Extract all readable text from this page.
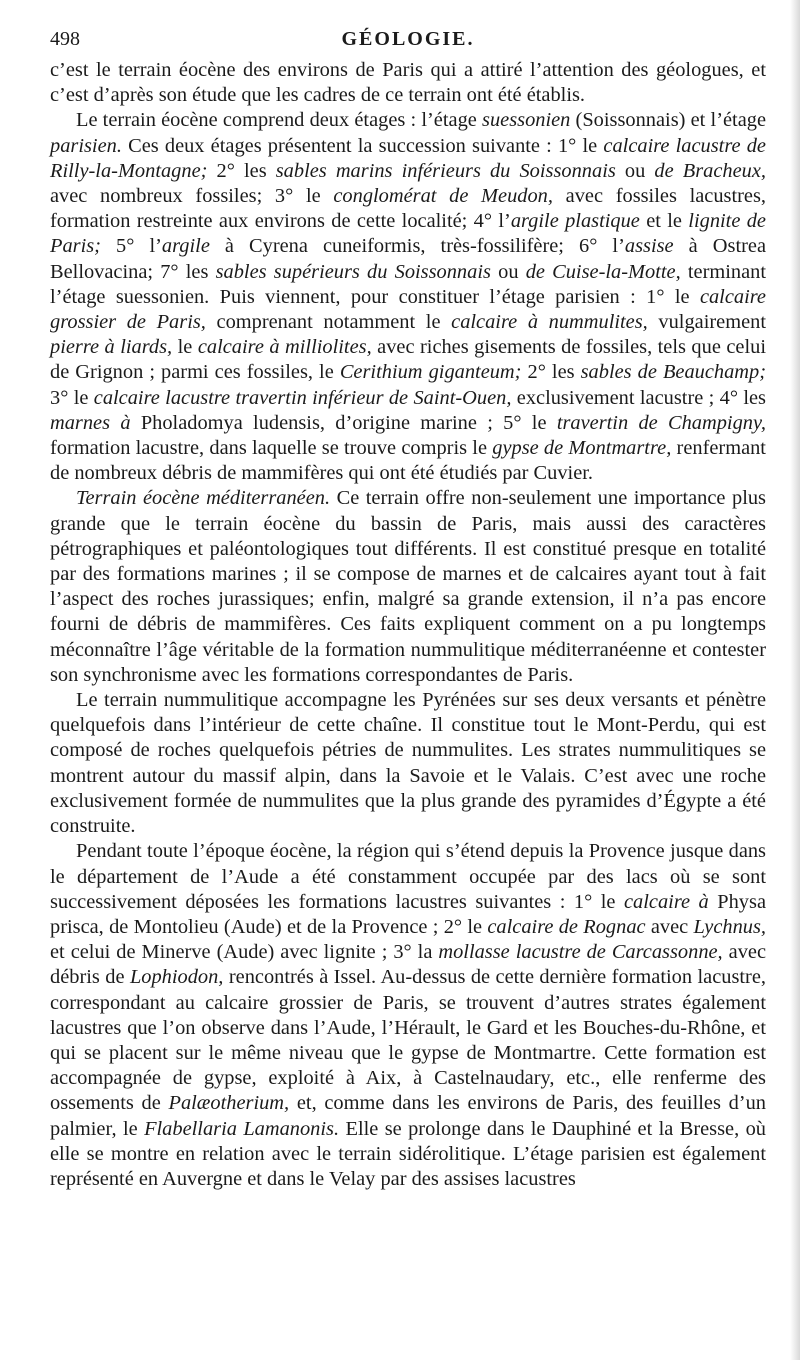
498	GÉOLOGIE.

c’est le terrain éocène des environs de Paris qui a attiré l’attention des géologues, et c’est d’après son étude que les cadres de ce terrain ont été établis.

Le terrain éocène comprend deux étages : l’étage suessonien (Soissonnais) et l’étage parisien. Ces deux étages présentent la succession suivante : 1° le calcaire lacustre de Rilly-la-Montagne; 2° les sables marins inférieurs du Soissonnais ou de Bracheux, avec nombreux fossiles; 3° le conglomérat de Meudon, avec fossiles lacustres, formation restreinte aux environs de cette localité; 4° l’argile plastique et le lignite de Paris; 5° l’argile à Cyrena cuneiformis, très-fossilifère; 6° l’assise à Ostrea Bellovacina; 7° les sables supérieurs du Soissonnais ou de Cuise-la-Motte, terminant l’étage suessonien. Puis viennent, pour constituer l’étage parisien : 1° le calcaire grossier de Paris, comprenant notamment le calcaire à nummulites, vulgairement pierre à liards, le calcaire à milliolites, avec riches gisements de fossiles, tels que celui de Grignon ; parmi ces fossiles, le Cerithium giganteum; 2° les sables de Beauchamp; 3° le calcaire lacustre travertin inférieur de Saint-Ouen, exclusivement lacustre ; 4° les marnes à Pholadomya ludensis, d’origine marine ; 5° le travertin de Champigny, formation lacustre, dans laquelle se trouve compris le gypse de Montmartre, renfermant de nombreux débris de mammifères qui ont été étudiés par Cuvier.

Terrain éocène méditerranéen. Ce terrain offre non-seulement une importance plus grande que le terrain éocène du bassin de Paris, mais aussi des caractères pétrographiques et paléontologiques tout différents. Il est constitué presque en totalité par des formations marines ; il se compose de marnes et de calcaires ayant tout à fait l’aspect des roches jurassiques; enfin, malgré sa grande extension, il n’a pas encore fourni de débris de mammifères. Ces faits expliquent comment on a pu longtemps méconnaître l’âge véritable de la formation nummulitique méditerranéenne et contester son synchronisme avec les formations correspondantes de Paris.

Le terrain nummulitique accompagne les Pyrénées sur ses deux versants et pénètre quelquefois dans l’intérieur de cette chaîne. Il constitue tout le Mont-Perdu, qui est composé de roches quelquefois pétries de nummulites. Les strates nummulitiques se montrent autour du massif alpin, dans la Savoie et le Valais. C’est avec une roche exclusivement formée de nummulites que la plus grande des pyramides d’Égypte a été construite.

Pendant toute l’époque éocène, la région qui s’étend depuis la Provence jusque dans le département de l’Aude a été constamment occupée par des lacs où se sont successivement déposées les formations lacustres suivantes : 1° le calcaire à Physa prisca, de Montolieu (Aude) et de la Provence ; 2° le calcaire de Rognac avec Lychnus, et celui de Minerve (Aude) avec lignite ; 3° la mollasse lacustre de Carcassonne, avec débris de Lophiodon, rencontrés à Issel. Au-dessus de cette dernière formation lacustre, correspondant au calcaire grossier de Paris, se trouvent d’autres strates également lacustres que l’on observe dans l’Aude, l’Hérault, le Gard et les Bouches-du-Rhône, et qui se placent sur le même niveau que le gypse de Montmartre. Cette formation est accompagnée de gypse, exploité à Aix, à Castelnaudary, etc., elle renferme des ossements de Palæotherium, et, comme dans les environs de Paris, des feuilles d’un palmier, le Flabellaria Lamanonis. Elle se prolonge dans le Dauphiné et la Bresse, où elle se montre en relation avec le terrain sidérolitique. L’étage parisien est également représenté en Auvergne et dans le Velay par des assises lacustres
